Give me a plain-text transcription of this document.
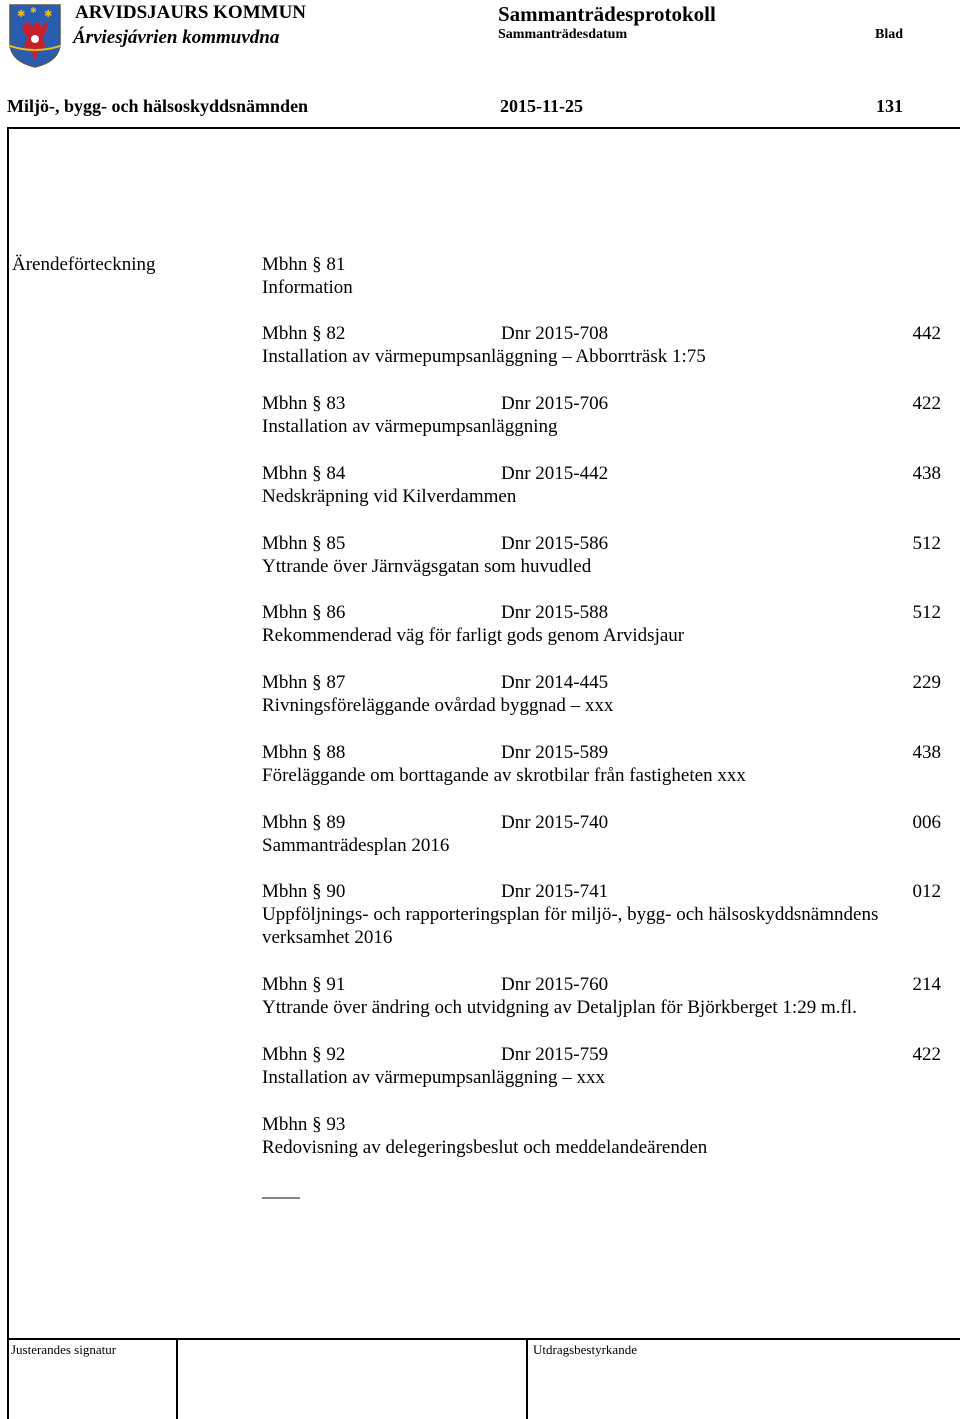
✱ ✱
✱ ARVIDSJAURS KOMMUN
Árviesjávrien kommuvdna
Sammanträdesprotokoll
Sammanträdesdatum	Blad
Miljö-, bygg- och hälsoskyddsnämnden	2015-11-25	131
Ärendeförteckning	Mbhn § 81
Information
Mbhn § 82	Dnr 2015-708	442
Installation av värmepumpsanläggning – Abborrträsk 1:75
Mbhn § 83	Dnr 2015-706	422
Installation av värmepumpsanläggning
Mbhn § 84	Dnr 2015-442	438
Nedskräpning vid Kilverdammen
Mbhn § 85	Dnr 2015-586	512
Yttrande över Järnvägsgatan som huvudled
Mbhn § 86	Dnr 2015-588	512
Rekommenderad väg för farligt gods genom Arvidsjaur
Mbhn § 87	Dnr 2014-445	229
Rivningsföreläggande ovårdad byggnad – xxx
Mbhn § 88	Dnr 2015-589	438
Föreläggande om borttagande av skrotbilar från fastigheten xxx
Mbhn § 89	Dnr 2015-740	006
Sammanträdesplan 2016
Mbhn § 90	Dnr 2015-741	012
Uppföljnings- och rapporteringsplan för miljö-, bygg- och hälsoskyddsnämndens
verksamhet 2016
Mbhn § 91	Dnr 2015-760	214
Yttrande över ändring och utvidgning av Detaljplan för Björkberget 1:29 m.fl.
Mbhn § 92	Dnr 2015-759	422
Installation av värmepumpsanläggning – xxx
Mbhn § 93
Redovisning av delegeringsbeslut och meddelandeärenden
____
Justerandes signatur	Utdragsbestyrkande
